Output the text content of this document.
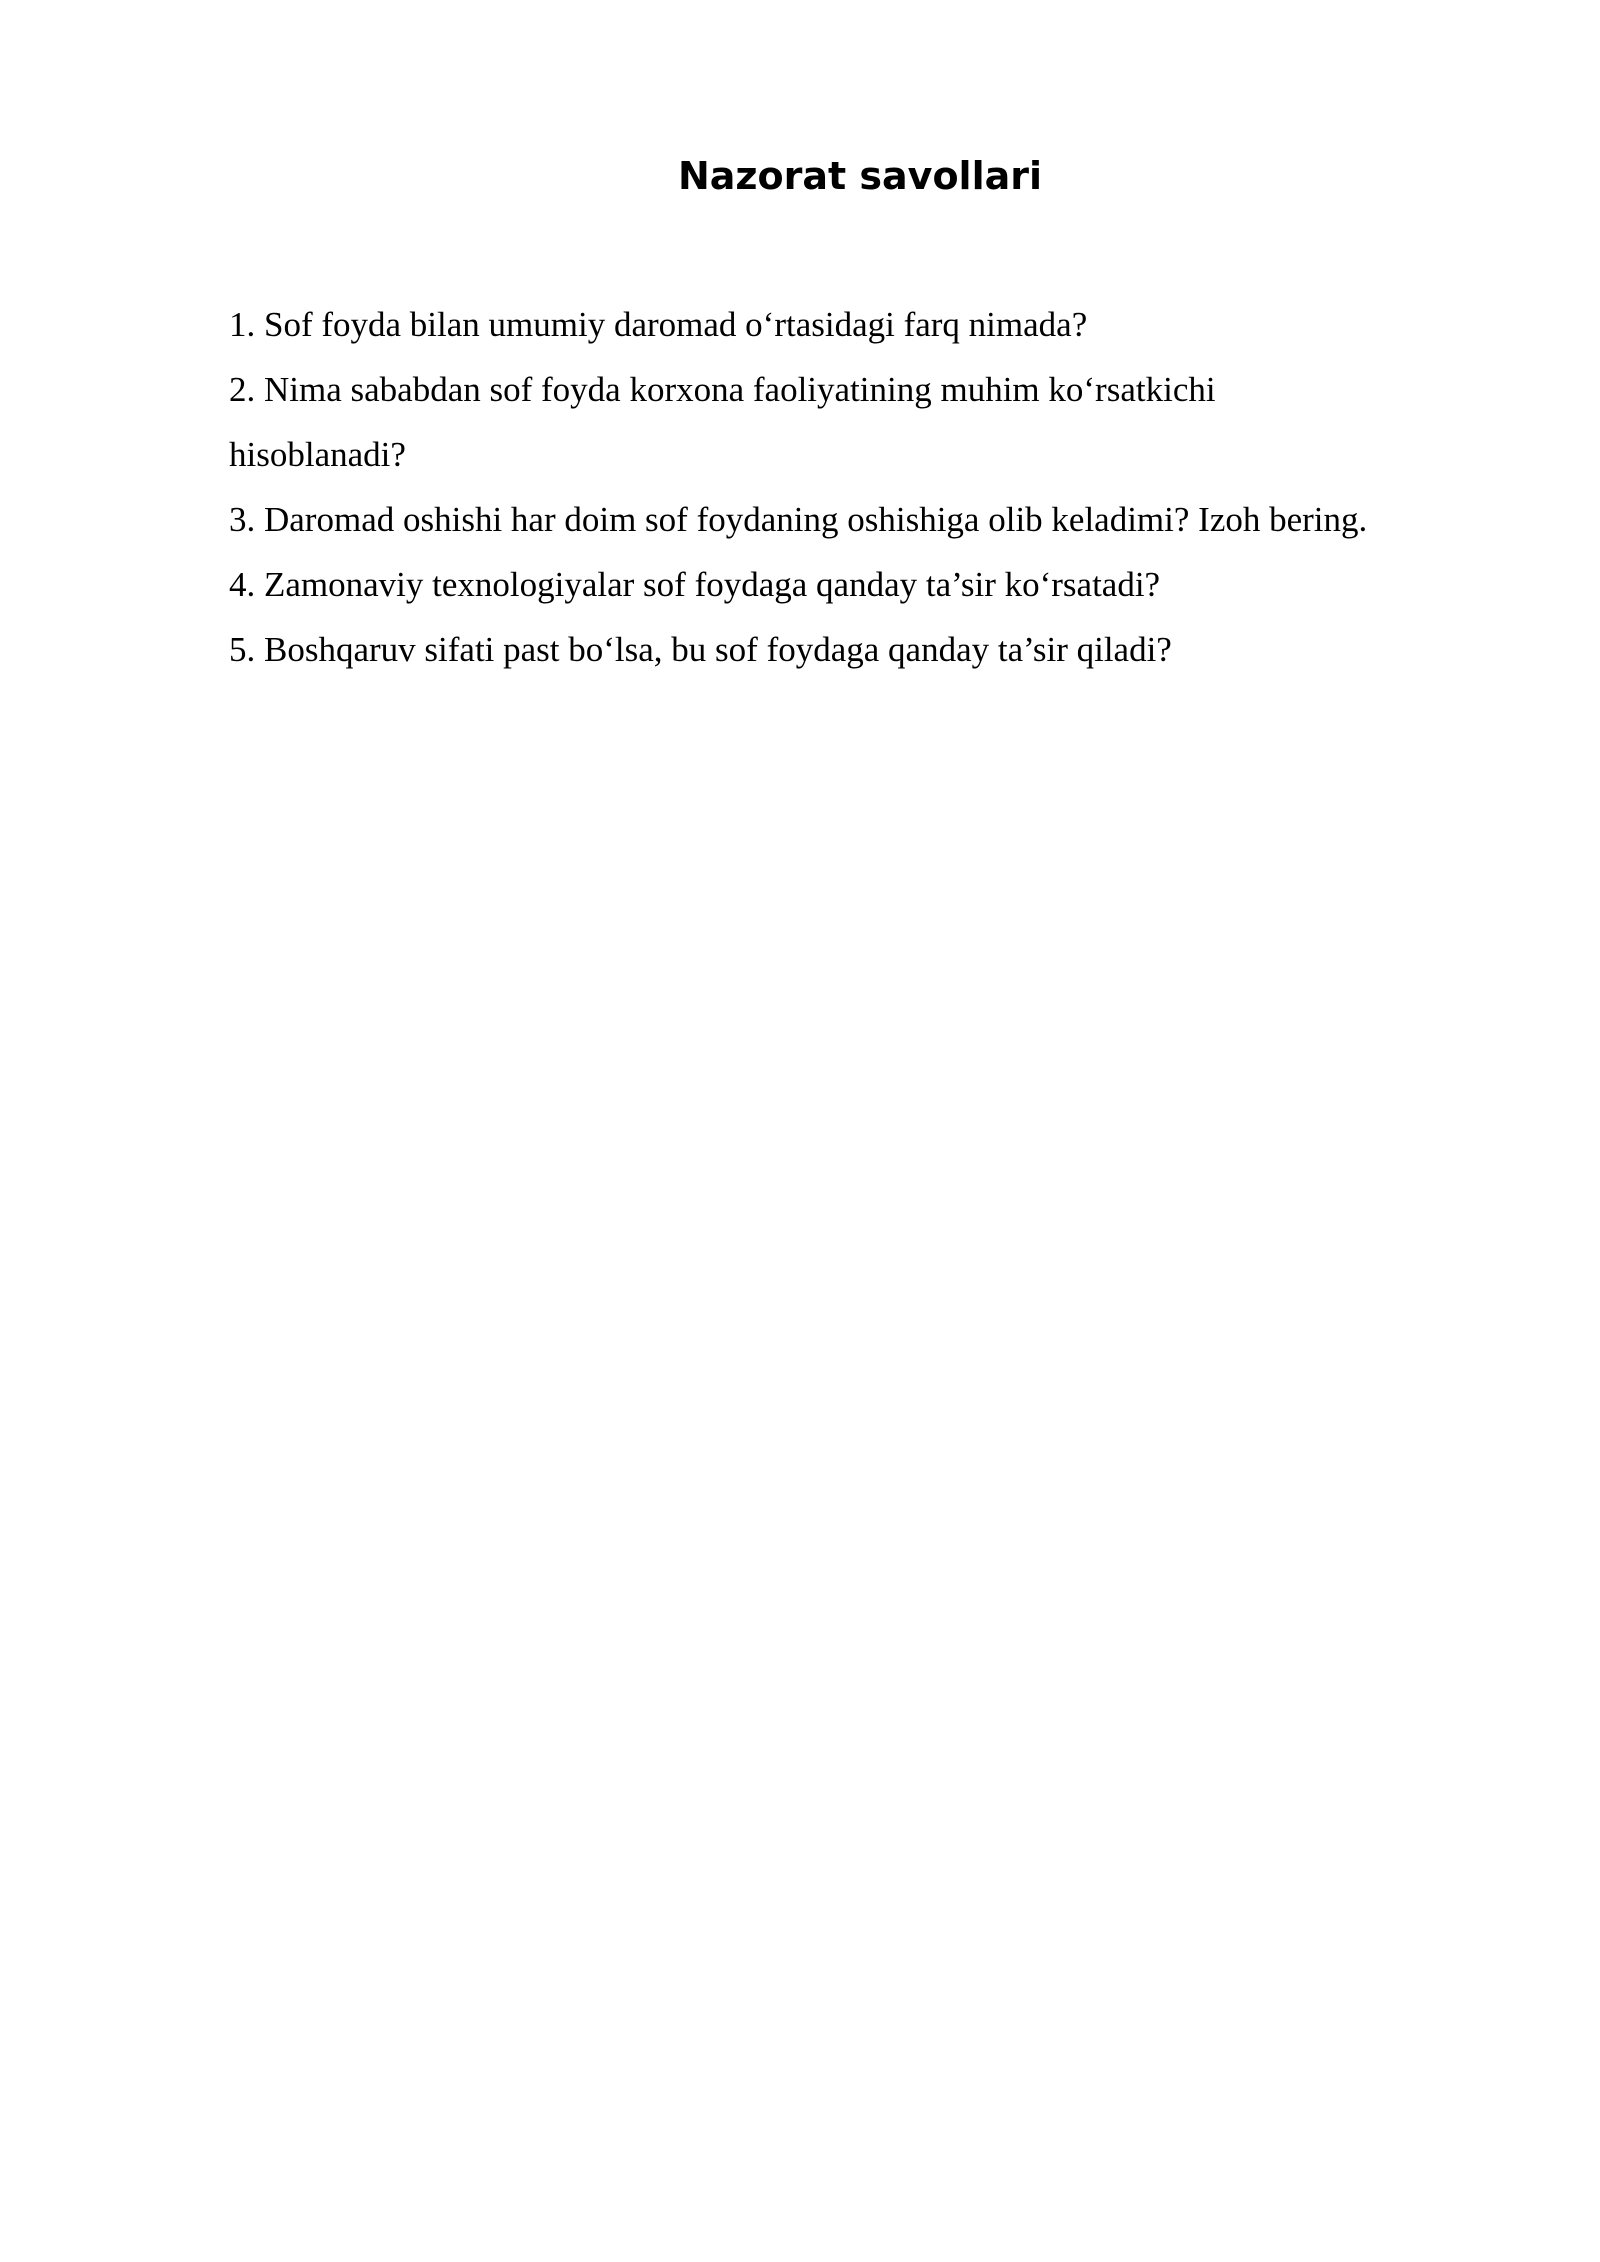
Nazorat savollari
1. Sof foyda bilan umumiy daromad o‘rtasidagi farq nimada?
2. Nima sababdan sof foyda korxona faoliyatining muhim ko‘rsatkichi hisoblanadi?
3. Daromad oshishi har doim sof foydaning oshishiga olib keladimi? Izoh bering.
4. Zamonaviy texnologiyalar sof foydaga qanday ta’sir ko‘rsatadi?
5. Boshqaruv sifati past bo‘lsa, bu sof foydaga qanday ta’sir qiladi?
